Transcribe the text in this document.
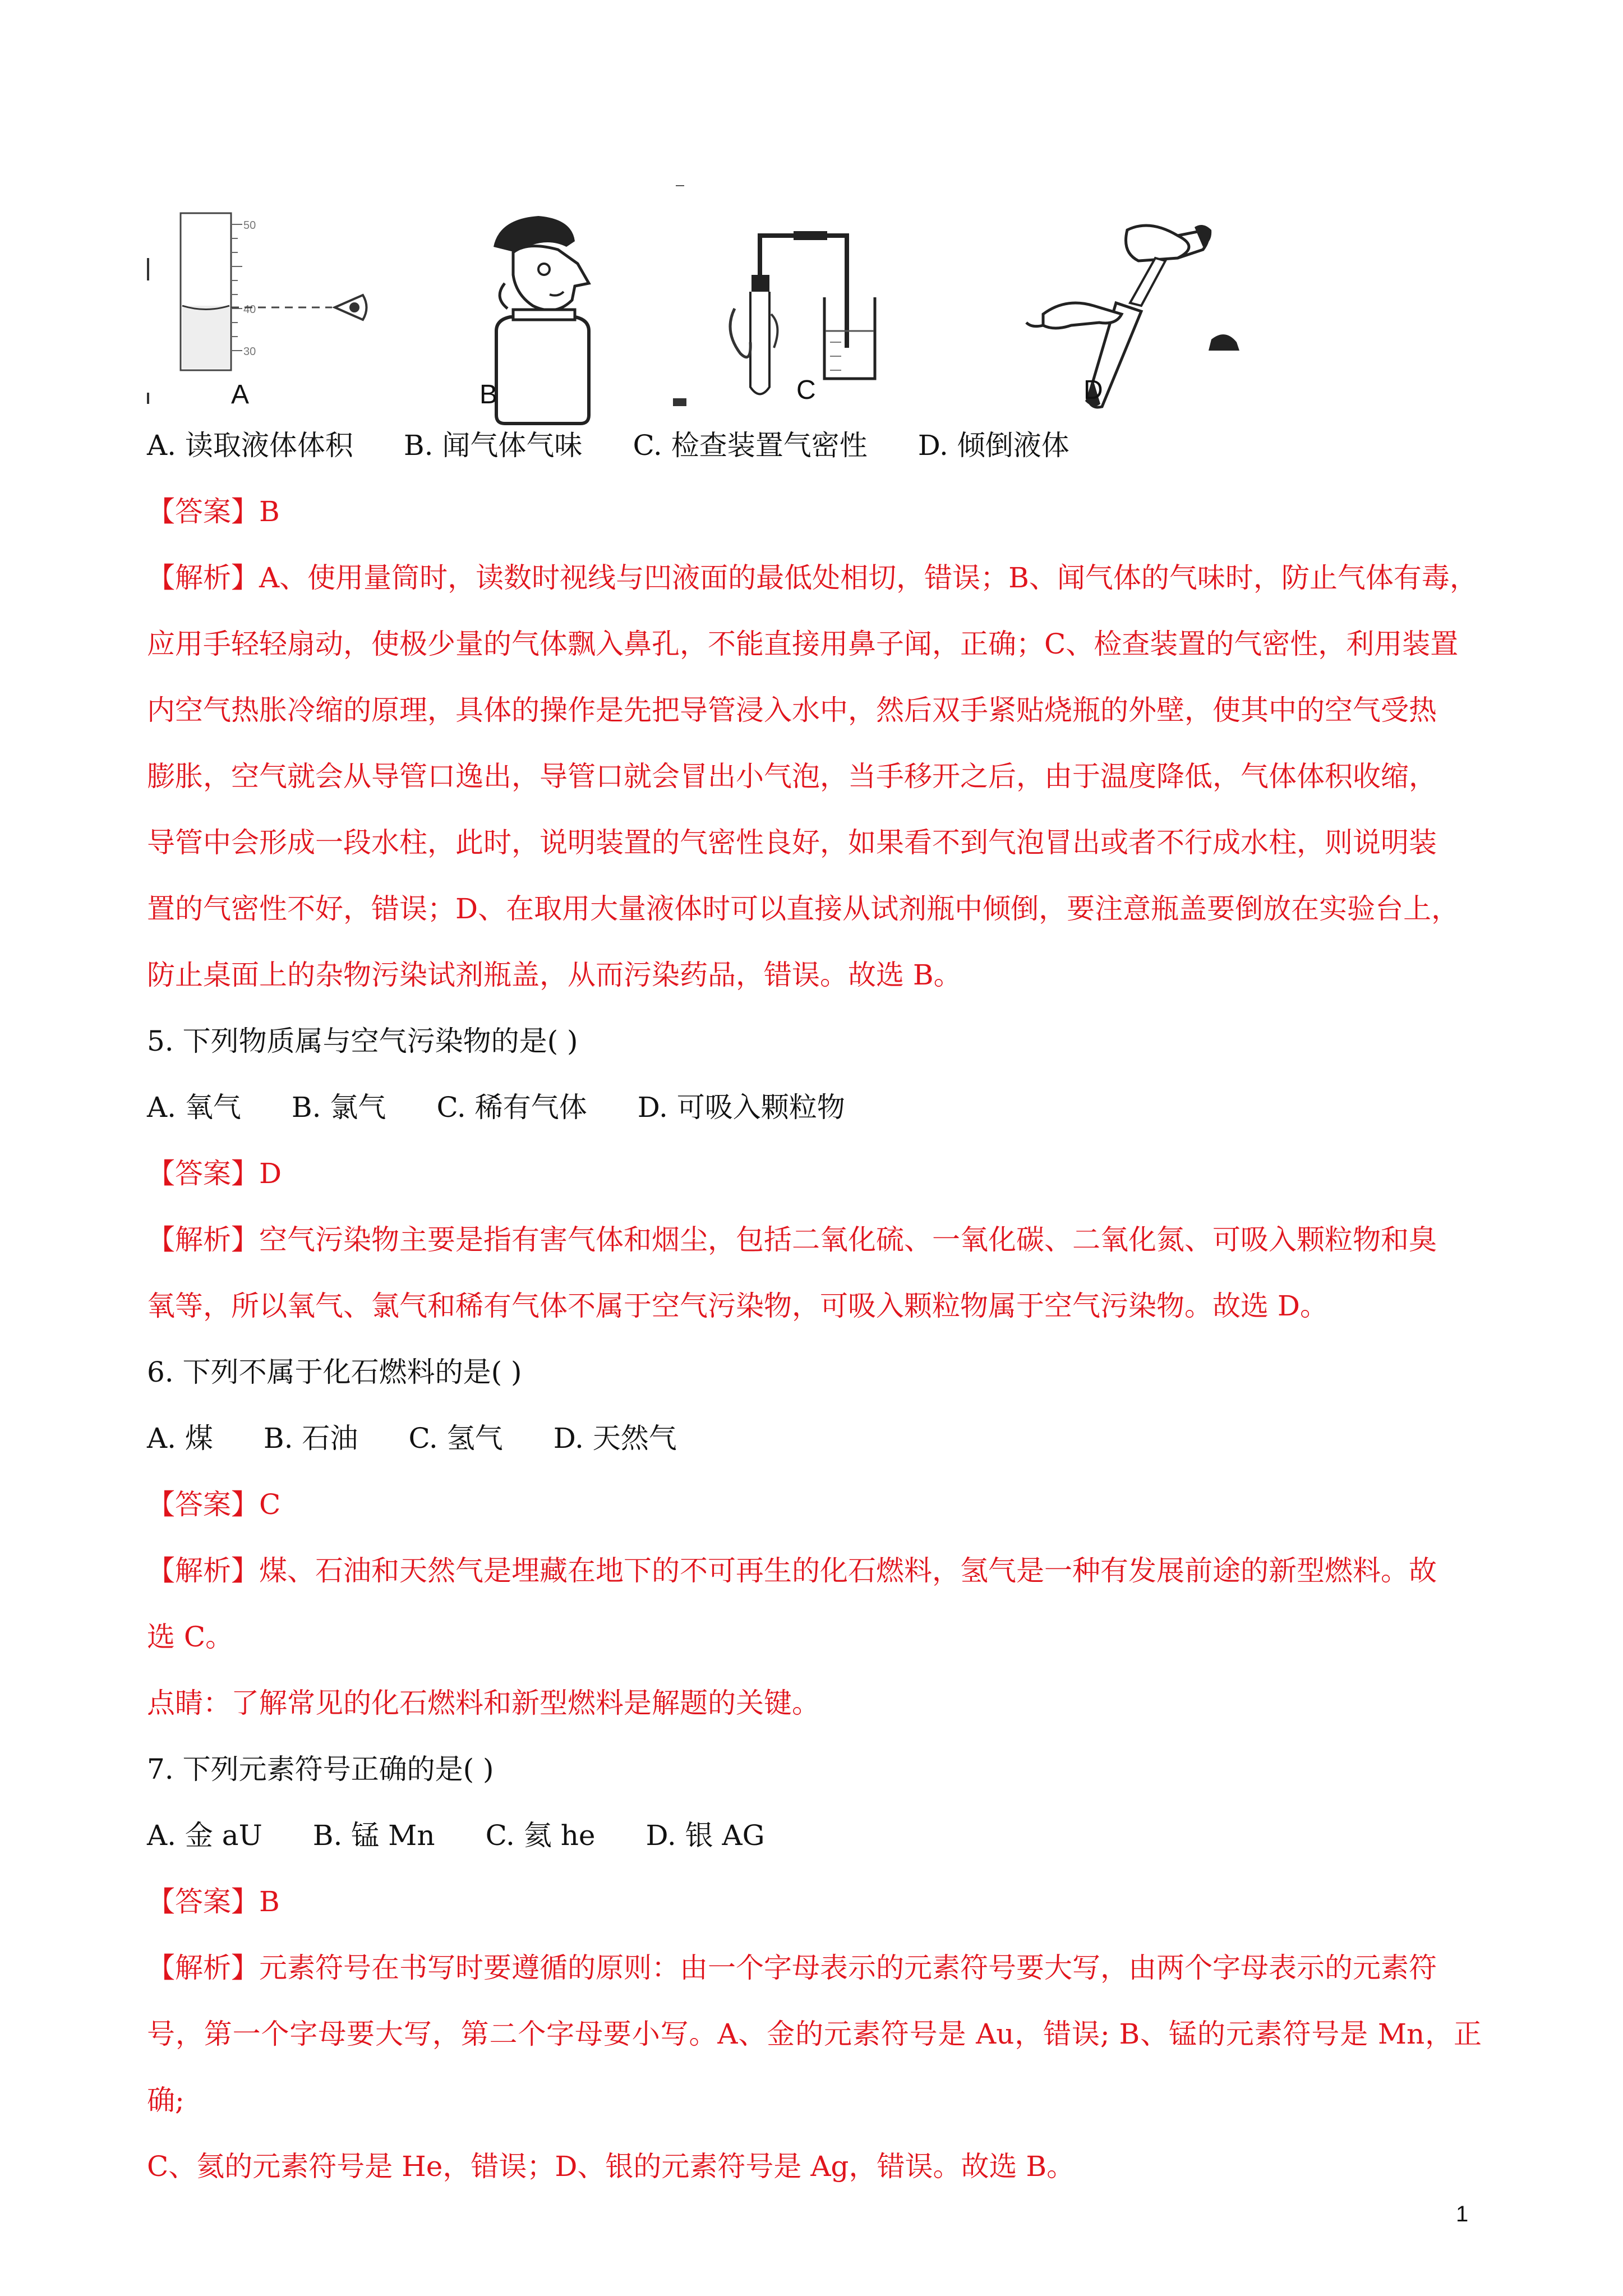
50
40
30
A	B	C	D
A. 读取液体体积 B. 闻气体气味 C. 检查装置气密性 D. 倾倒液体
【答案】B

【解析】A、使用量筒时，读数时视线与凹液面的最低处相切，错误；B、闻气体的气味时，防止气体有毒，

应用手轻轻扇动，使极少量的气体飘入鼻孔，不能直接用鼻子闻，正确；C、检查装置的气密性，利用装置

内空气热胀冷缩的原理，具体的操作是先把导管浸入水中，然后双手紧贴烧瓶的外壁，使其中的空气受热

膨胀，空气就会从导管口逸出，导管口就会冒出小气泡，当手移开之后，由于温度降低，气体体积收缩，

导管中会形成一段水柱，此时，说明装置的气密性良好，如果看不到气泡冒出或者不行成水柱，则说明装

置的气密性不好，错误；D、在取用大量液体时可以直接从试剂瓶中倾倒，要注意瓶盖要倒放在实验台上，

防止桌面上的杂物污染试剂瓶盖，从而污染药品，错误。故选 B。

5. 下列物质属与空气污染物的是( )
A. 氧气 B. 氯气 C. 稀有气体 D. 可吸入颗粒物
【答案】D

【解析】空气污染物主要是指有害气体和烟尘，包括二氧化硫、一氧化碳、二氧化氮、可吸入颗粒物和臭

氧等，所以氧气、氯气和稀有气体不属于空气污染物，可吸入颗粒物属于空气污染物。故选 D。

6. 下列不属于化石燃料的是( )
A. 煤 B. 石油 C. 氢气 D. 天然气
【答案】C

【解析】煤、石油和天然气是埋藏在地下的不可再生的化石燃料，氢气是一种有发展前途的新型燃料。故

选 C。

点睛：了解常见的化石燃料和新型燃料是解题的关键。
7. 下列元素符号正确的是( )
A. 金 aU B. 锰 Mn C. 氦 he D. 银 AG
【答案】B

【解析】元素符号在书写时要遵循的原则：由一个字母表示的元素符号要大写，由两个字母表示的元素符

号，第一个字母要大写，第二个字母要小写。A、金的元素符号是 Au，错误; B、锰的元素符号是 Mn，正确;

C、氦的元素符号是 He，错误；D、银的元素符号是 Ag，错误。故选 B。

1
